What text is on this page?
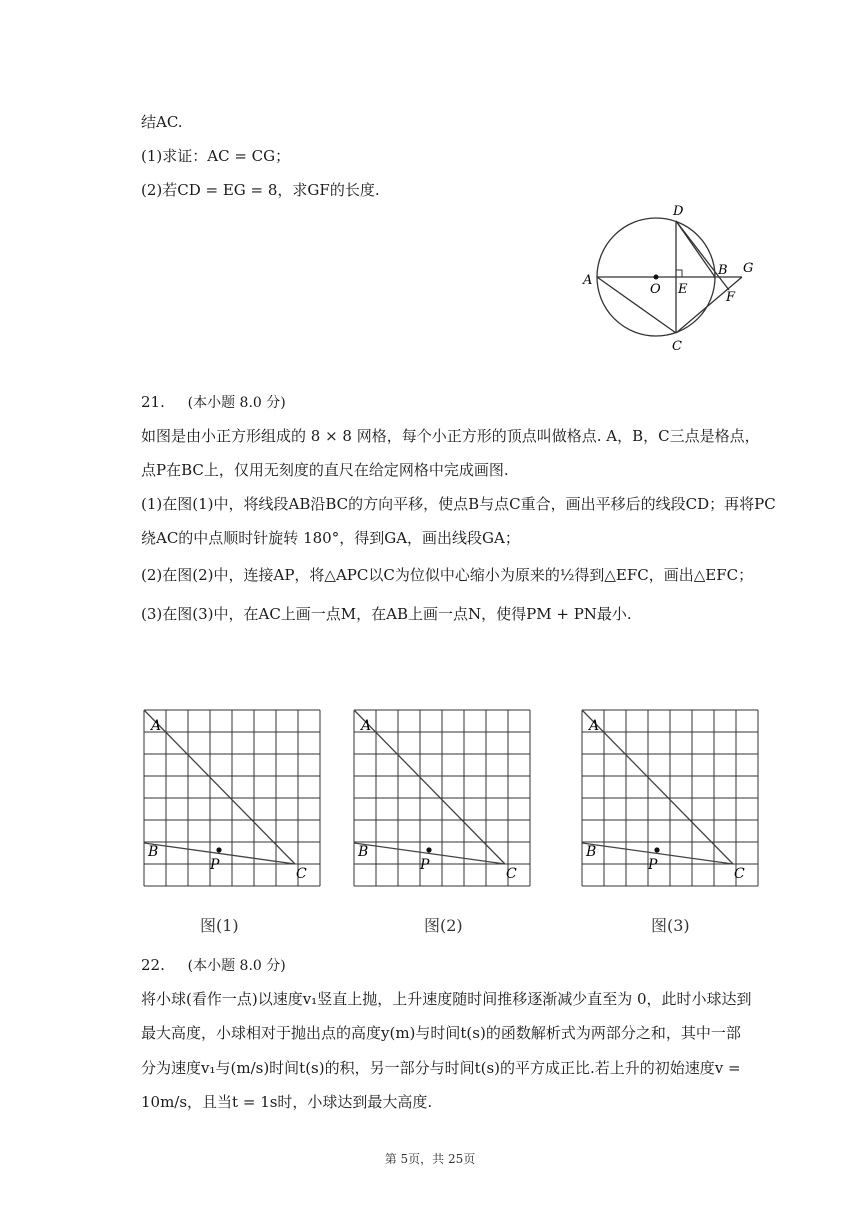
结AC.
(1)求证：AC = CG；
(2)若CD = EG = 8，求GF的长度.
D
A
O E
B G
F
C
21. (本小题 8.0 分)
如图是由小正方形组成的 8 × 8 网格，每个小正方形的顶点叫做格点. A，B，C三点是格点，
点P在BC上，仅用无刻度的直尺在给定网格中完成画图.
(1)在图(1)中，将线段AB沿BC的方向平移，使点B与点C重合，画出平移后的线段CD；再将PC
绕AC的中点顺时针旋转 180°，得到GA，画出线段GA；
(2)在图(2)中，连接AP，将△APC以C为位似中心缩小为原来的½得到△EFC，画出△EFC；
(3)在图(3)中，在AC上画一点M，在AB上画一点N，使得PM + PN最小.
A
B
P
C
A
B
P
C
A
B
P
C
图(1)	图(2)	图(3)
22. (本小题 8.0 分)
将小球(看作一点)以速度v₁竖直上抛，上升速度随时间推移逐渐减少直至为 0，此时小球达到
最大高度，小球相对于抛出点的高度y(m)与时间t(s)的函数解析式为两部分之和，其中一部
分为速度v₁与(m/s)时间t(s)的积，另一部分与时间t(s)的平方成正比.若上升的初始速度v =
10m/s，且当t = 1s时，小球达到最大高度.
第 5页，共 25页
